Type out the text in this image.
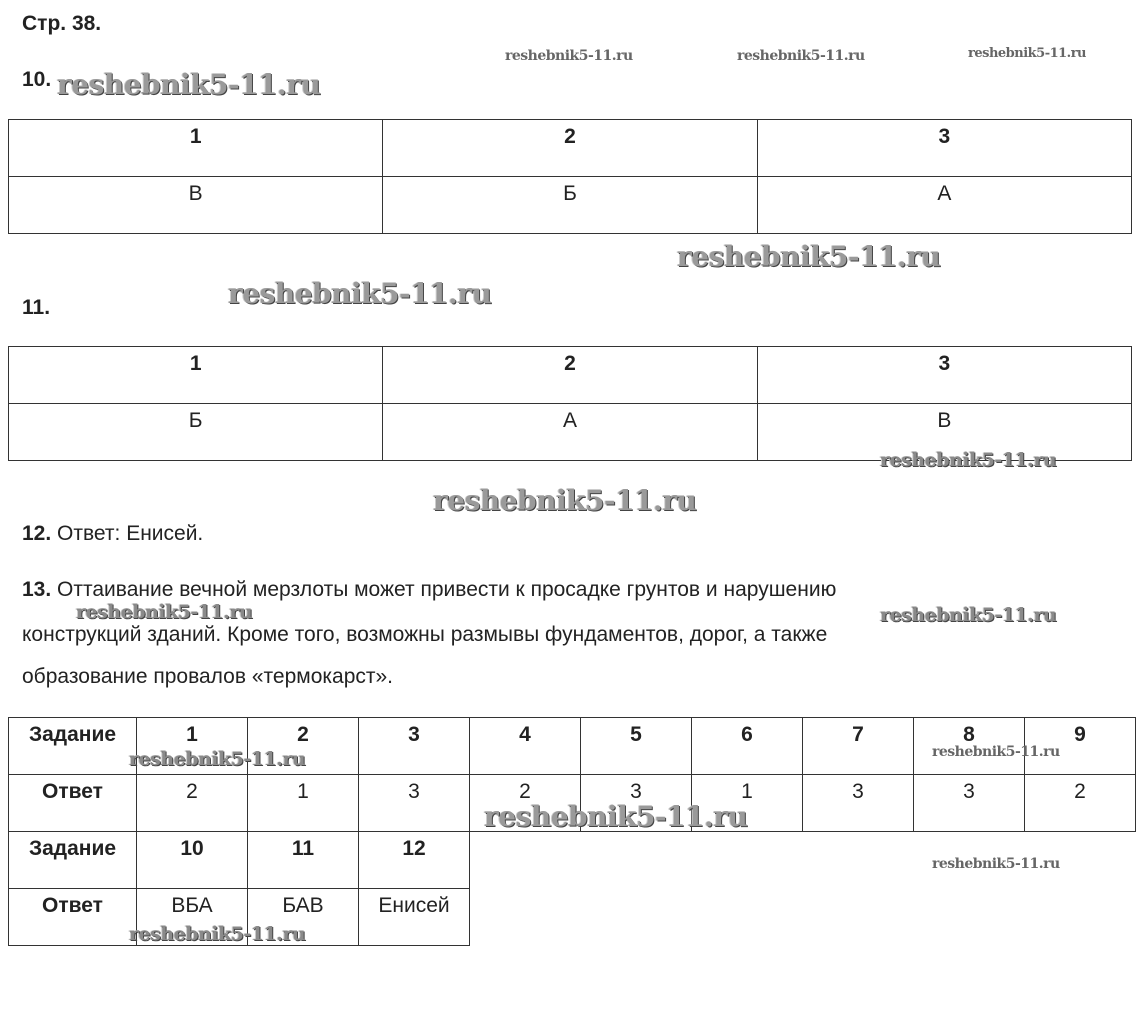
Стр. 38.
reshebnik5-11.ru	reshebnik5-11.ru	reshebnik5-11.ru
10. reshebnik5-11.ru
1	2	3

В	Б	А
reshebnik5-11.ru
reshebnik5-11.ru
11.
1	2	3

Б	А	В
reshebnik5-11.ru
reshebnik5-11.ru
12. Ответ: Енисей.
13. Оттаивание вечной мерзлоты может привести к просадке грунтов и нарушению
reshebnik5-11.ru	reshebnik5-11.ru
конструкций зданий. Кроме того, возможны размывы фундаментов, дорог, а также
образование провалов «термокарст».
Задание	1	2	3	4	5	6	7	8	9

Ответ	2	1	3	2	3	1	3	3	2

Задание	10	11	12						

Ответ	ВБА	БАВ	Енисей						

reshebnik5-11.ru	reshebnik5-11.ru
reshebnik5-11.ru
reshebnik5-11.ru
reshebnik5-11.ru
